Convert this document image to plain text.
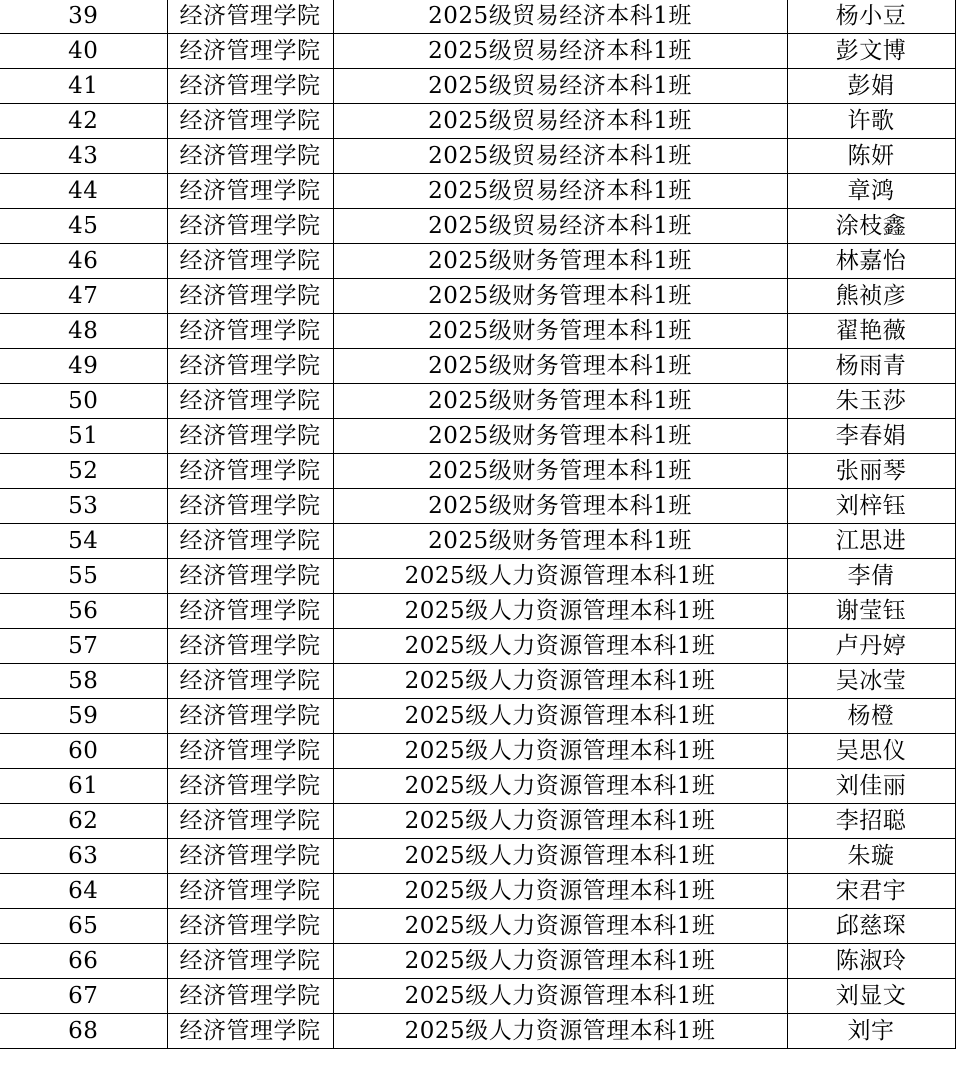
39	经济管理学院	2025级贸易经济本科1班	杨小豆
40	经济管理学院	2025级贸易经济本科1班	彭文博
41	经济管理学院	2025级贸易经济本科1班	彭娟
42	经济管理学院	2025级贸易经济本科1班	许歌
43	经济管理学院	2025级贸易经济本科1班	陈妍
44	经济管理学院	2025级贸易经济本科1班	章鸿
45	经济管理学院	2025级贸易经济本科1班	涂枝鑫
46	经济管理学院	2025级财务管理本科1班	林嘉怡
47	经济管理学院	2025级财务管理本科1班	熊祯彦
48	经济管理学院	2025级财务管理本科1班	翟艳薇
49	经济管理学院	2025级财务管理本科1班	杨雨青
50	经济管理学院	2025级财务管理本科1班	朱玉莎
51	经济管理学院	2025级财务管理本科1班	李春娟
52	经济管理学院	2025级财务管理本科1班	张丽琴
53	经济管理学院	2025级财务管理本科1班	刘梓钰
54	经济管理学院	2025级财务管理本科1班	江思进
55	经济管理学院	2025级人力资源管理本科1班	李倩
56	经济管理学院	2025级人力资源管理本科1班	谢莹钰
57	经济管理学院	2025级人力资源管理本科1班	卢丹婷
58	经济管理学院	2025级人力资源管理本科1班	吴冰莹
59	经济管理学院	2025级人力资源管理本科1班	杨橙
60	经济管理学院	2025级人力资源管理本科1班	吴思仪
61	经济管理学院	2025级人力资源管理本科1班	刘佳丽
62	经济管理学院	2025级人力资源管理本科1班	李招聪
63	经济管理学院	2025级人力资源管理本科1班	朱璇
64	经济管理学院	2025级人力资源管理本科1班	宋君宇
65	经济管理学院	2025级人力资源管理本科1班	邱慈琛
66	经济管理学院	2025级人力资源管理本科1班	陈淑玲
67	经济管理学院	2025级人力资源管理本科1班	刘显文
68	经济管理学院	2025级人力资源管理本科1班	刘宇
